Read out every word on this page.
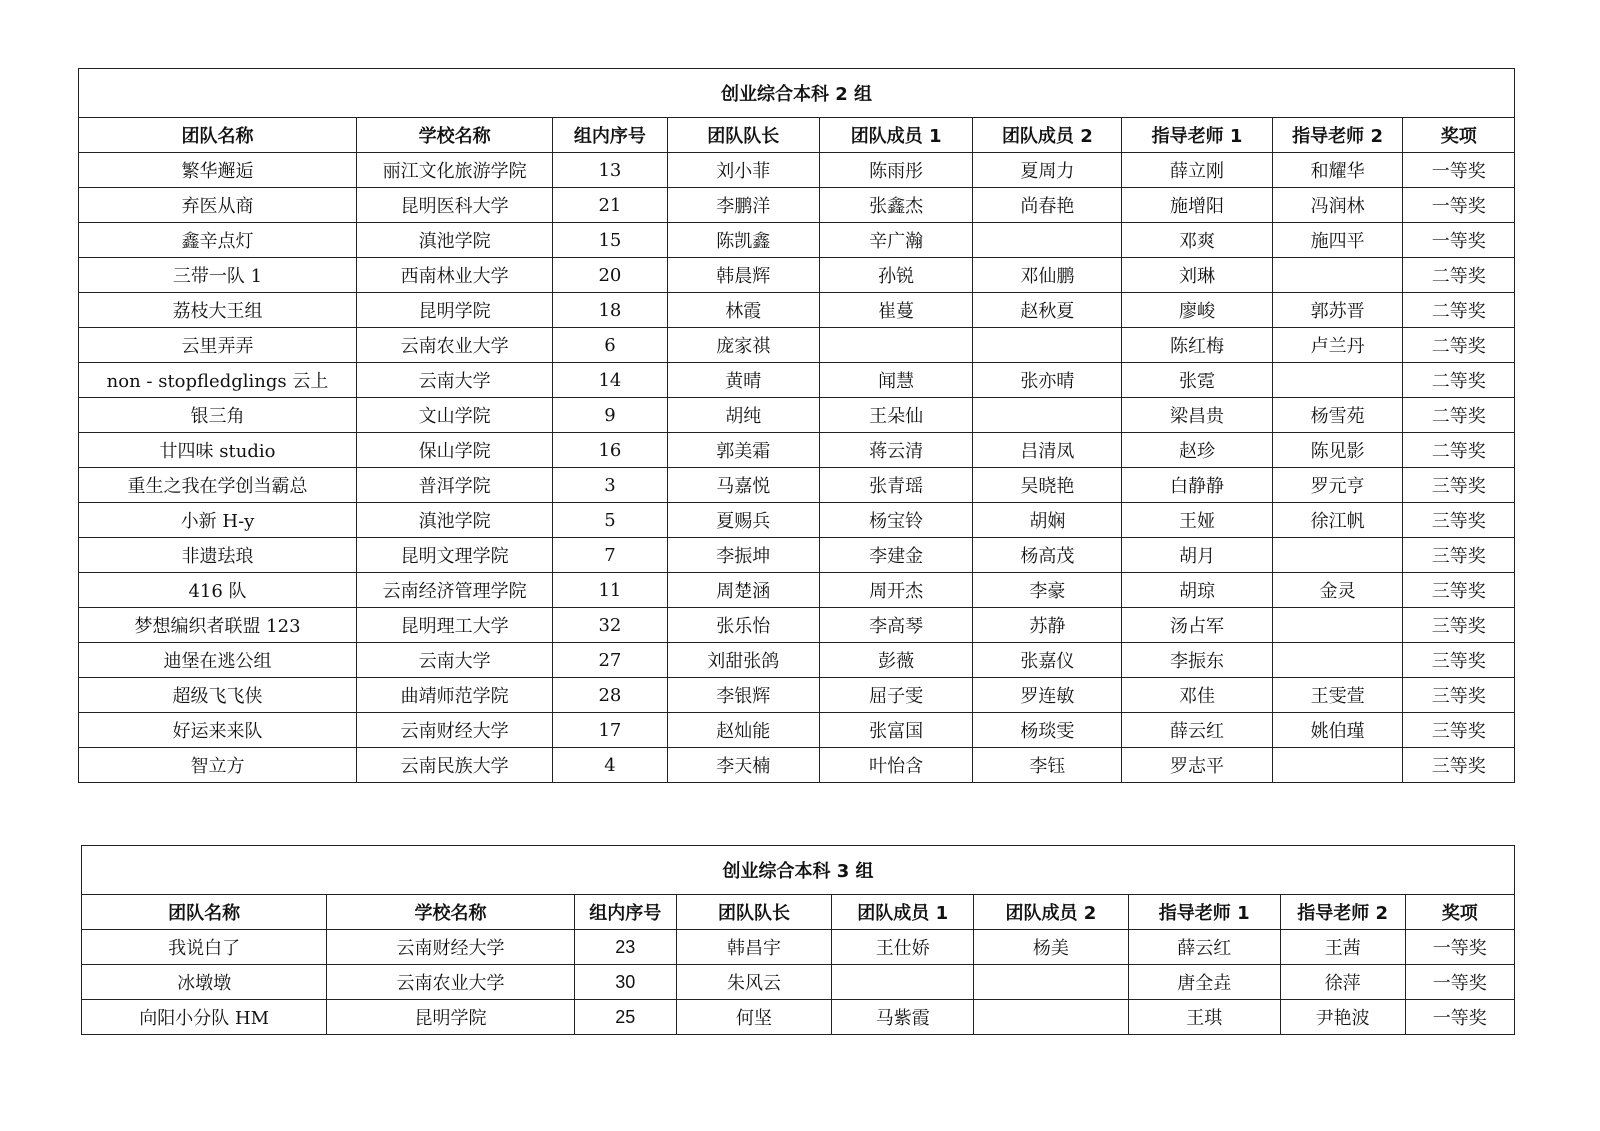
创业综合本科 2 组								
团队名称	学校名称	组内序号	团队队长	团队成员 1	团队成员 2	指导老师 1	指导老师 2	奖项
繁华邂逅	丽江文化旅游学院	13	刘小菲	陈雨彤	夏周力	薛立刚	和耀华	一等奖
弃医从商	昆明医科大学	21	李鹏洋	张鑫杰	尚春艳	施增阳	冯润林	一等奖
鑫辛点灯	滇池学院	15	陈凯鑫	辛广瀚		邓爽	施四平	一等奖
三带一队 1	西南林业大学	20	韩晨辉	孙锐	邓仙鹏	刘琳		二等奖
荔枝大王组	昆明学院	18	林霞	崔蔓	赵秋夏	廖峻	郭苏晋	二等奖
云里弄弄	云南农业大学	6	庞家祺			陈红梅	卢兰丹	二等奖
non - stopfledglings 云上	云南大学	14	黄晴	闻慧	张亦晴	张霓		二等奖
银三角	文山学院	9	胡纯	王朵仙		梁昌贵	杨雪苑	二等奖
廿四味 studio	保山学院	16	郭美霜	蒋云清	吕清凤	赵珍	陈见影	二等奖
重生之我在学创当霸总	普洱学院	3	马嘉悦	张青瑶	吴晓艳	白静静	罗元亨	三等奖
小新 H-y	滇池学院	5	夏赐兵	杨宝铃	胡娴	王娅	徐江帆	三等奖
非遗珐琅	昆明文理学院	7	李振坤	李建金	杨高茂	胡月		三等奖
416 队	云南经济管理学院	11	周楚涵	周开杰	李豪	胡琼	金灵	三等奖
梦想编织者联盟 123	昆明理工大学	32	张乐怡	李高琴	苏静	汤占军		三等奖
迪堡在逃公组	云南大学	27	刘甜张鸽	彭薇	张嘉仪	李振东		三等奖
超级飞飞侠	曲靖师范学院	28	李银辉	屈子雯	罗连敏	邓佳	王雯萱	三等奖
好运来来队	云南财经大学	17	赵灿能	张富国	杨琰雯	薛云红	姚伯瑾	三等奖
智立方	云南民族大学	4	李天楠	叶怡含	李钰	罗志平		三等奖
创业综合本科 3 组								
团队名称	学校名称	组内序号	团队队长	团队成员 1	团队成员 2	指导老师 1	指导老师 2	奖项
我说白了	云南财经大学	23	韩昌宇	王仕娇	杨美	薛云红	王茜	一等奖
冰墩墩	云南农业大学	30	朱风云			唐全垚	徐萍	一等奖
向阳小分队 HM	昆明学院	25	何坚	马紫霞		王琪	尹艳波	一等奖
